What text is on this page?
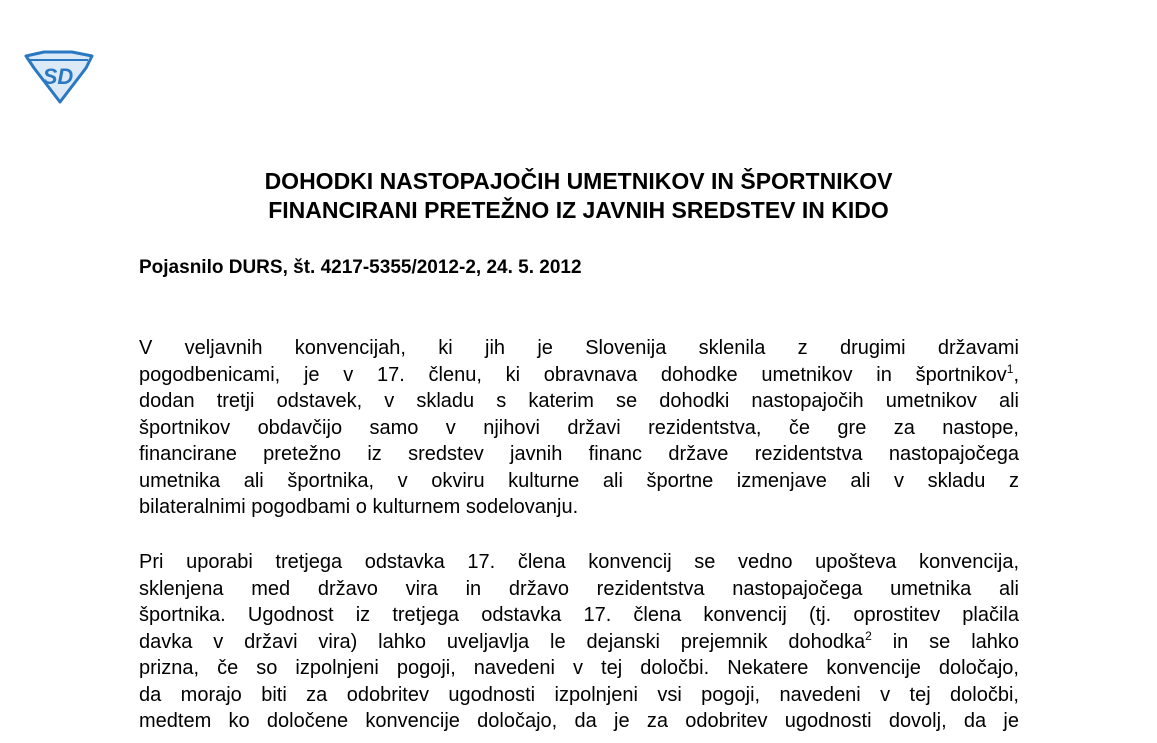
SD
DOHODKI NASTOPAJOČIH UMETNIKOV IN ŠPORTNIKOV
FINANCIRANI PRETEŽNO IZ JAVNIH SREDSTEV IN KIDO
Pojasnilo DURS, št. 4217-5355/2012-2, 24. 5. 2012
V veljavnih konvencijah, ki jih je Slovenija sklenila z drugimi državami
pogodbenicami, je v 17. členu, ki obravnava dohodke umetnikov in športnikov$^1$,
dodan tretji odstavek, v skladu s katerim se dohodki nastopajočih umetnikov ali
športnikov obdavčijo samo v njihovi državi rezidentstva, če gre za nastope,
financirane pretežno iz sredstev javnih financ države rezidentstva nastopajočega
umetnika ali športnika, v okviru kulturne ali športne izmenjave ali v skladu z
bilateralnimi pogodbami o kulturnem sodelovanju.
Pri uporabi tretjega odstavka 17. člena konvencij se vedno upošteva konvencija,
sklenjena med državo vira in državo rezidentstva nastopajočega umetnika ali
športnika. Ugodnost iz tretjega odstavka 17. člena konvencij (tj. oprostitev plačila
davka v državi vira) lahko uveljavlja le dejanski prejemnik dohodka$^2$ in se lahko
prizna, če so izpolnjeni pogoji, navedeni v tej določbi. Nekatere konvencije določajo,
da morajo biti za odobritev ugodnosti izpolnjeni vsi pogoji, navedeni v tej določbi,
medtem ko določene konvencije določajo, da je za odobritev ugodnosti dovolj, da je
